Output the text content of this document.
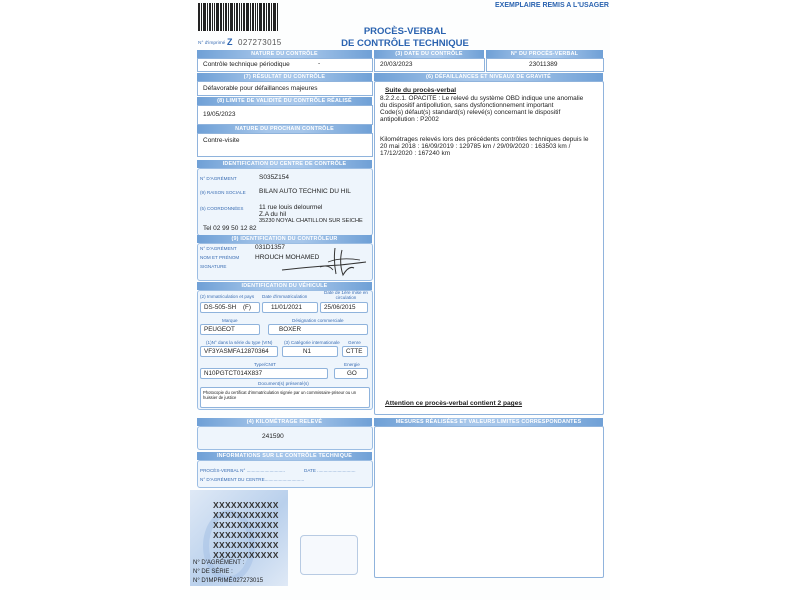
EXEMPLAIRE REMIS A L'USAGER
PROCÈS-VERBAL
DE CONTRÔLE TECHNIQUE
N° d'imprimé Z 027273015
NATURE DU CONTRÔLE
Contrôle technique périodique	-
(7) RÉSULTAT DU CONTRÔLE
Défavorable pour défaillances majeures
(8) LIMITE DE VALIDITÉ DU CONTRÔLE RÉALISÉ
19/05/2023
NATURE DU PROCHAIN CONTRÔLE
Contre-visite
IDENTIFICATION DU CENTRE DE CONTRÔLE
N° D'AGRÉMENT	S035Z154
(9) RAISON SOCIALE BILAN AUTO TECHNIC DU HIL
(5) COORDONNÉES 11 rue louis delourmel
Z.A du hil
35230 NOYAL CHATILLON SUR SEICHE
Tel 02 99 50 12 82
(9) IDENTIFICATION DU CONTRÔLEUR
N° D'AGRÉMENT	031D1357
NOM ET PRÉNOM HROUCH MOHAMED
SIGNATURE
IDENTIFICATION DU VÉHICULE
(2) Immatriculation et pays Date d'immatriculation
Date de 1ère mise en circulation
DS-505-SH (F)	11/01/2021	25/06/2015
Marque	Désignation commerciale
PEUGEOT	BOXER
(1)N° dans la série du type (VIN)	(3) Catégorie internationale Genre
VF3YASMFA12870364	N1	CTTE
Type/CNIT	Energie
N10PGTCT014X837	GO
Document(s) présenté(s)
Photocopie du certificat d'immatriculation signée par un commissaire-priseur ou un
huissier de justice
(4) KILOMÉTRAGE RELEVÉ
241590
INFORMATIONS SUR LE CONTRÔLE TECHNIQUE
PROCÈS-VERBAL N° ..............................	DATE ..............................
N° D'AGRÉMENT DU CENTRE...............................
XXXXXXXXXXX
XXXXXXXXXXX
XXXXXXXXXXX
XXXXXXXXXXX
XXXXXXXXXXX
XXXXXXXXXXX
N° D'AGRÉMENT :
N° DE SÉRIE :
N° D'IMPRIMÉ :
027273015
(3) DATE DU CONTRÔLE	N° DU PROCÈS-VERBAL
20/03/2023	23011389
(6) DÉFAILLANCES ET NIVEAUX DE GRAVITÉ
Suite du procès-verbal
8.2.2.c.1. OPACITE : Le relevé du système OBD indique une anomalie
du dispositif antipollution, sans dysfonctionnement important
Code(s) défaut(s) standard(s) relevé(s) concernant le dispositif
antipollution : P2002
Kilométrages relevés lors des précédents contrôles techniques depuis le
20 mai 2018 : 16/09/2019 : 129785 km / 29/09/2020 : 163503 km /
17/12/2020 : 167240 km
Attention ce procès-verbal contient 2 pages
MESURES RÉALISÉES ET VALEURS LIMITES CORRESPONDANTES
